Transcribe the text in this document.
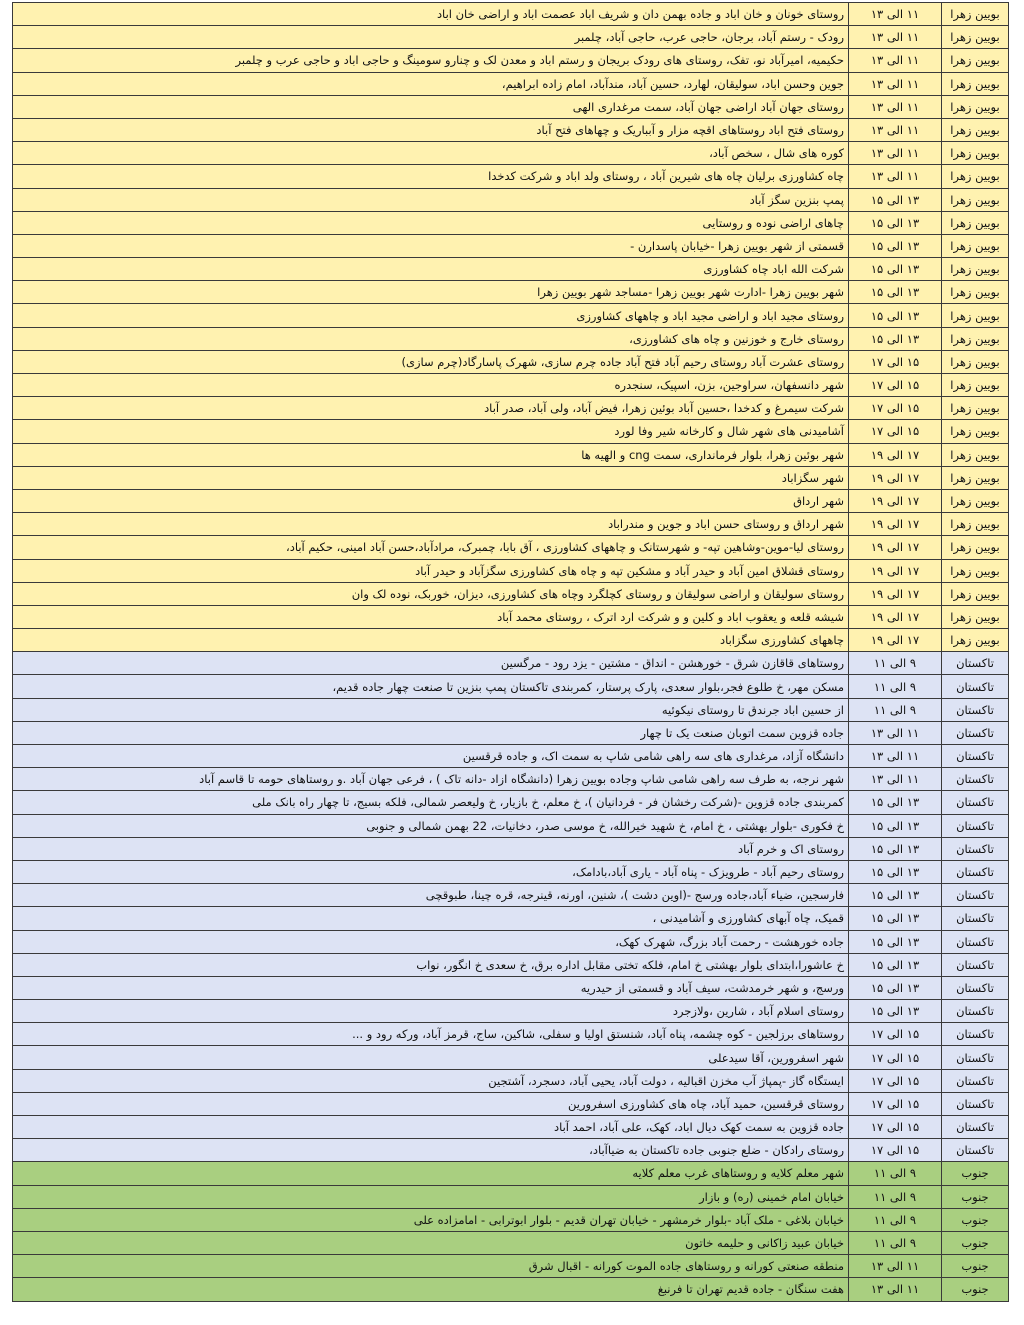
بویین زهرا	۱۱ الی ۱۳	روستای خونان و خان اباد و جاده بهمن دان و شریف اباد عصمت اباد و اراضی خان اباد
بویین زهرا	۱۱ الی ۱۳	رودک - رستم آباد، برجان، حاجی عرب، حاجی آباد، چلمبر
بویین زهرا	۱۱ الی ۱۳	حکیمیه، امیرآباد نو، تفک، روستای های رودک بریجان و رستم اباد و معدن لک و چنارو سومینگ و حاجی اباد و حاجی عرب و چلمبر
بویین زهرا	۱۱ الی ۱۳	جوین وحسن اباد، سولیقان، لهارد، حسین آباد، مندآباد، امام زاده ابراهیم،
بویین زهرا	۱۱ الی ۱۳	روستای جهان آباد اراضی جهان آباد، سمت مرغداری الهی
بویین زهرا	۱۱ الی ۱۳	روستای فتح اباد روستاهای اقچه مزار و آبباریک و چهاهای فتح آباد
بویین زهرا	۱۱ الی ۱۳	کوره های شال ، سخص آباد،
بویین زهرا	۱۱ الی ۱۳	چاه کشاورزی برلیان چاه های شیرین آباد ، روستای ولد اباد و شرکت کدخدا
بویین زهرا	۱۳ الی ۱۵	پمپ بنزین سگز آباد
بویین زهرا	۱۳ الی ۱۵	چاهای اراضی نوده و روستایی
بویین زهرا	۱۳ الی ۱۵	قسمتی از شهر بویین زهرا -خیابان پاسدارن -
بویین زهرا	۱۳ الی ۱۵	شرکت الله اباد چاه کشاورزی
بویین زهرا	۱۳ الی ۱۵	شهر بویین زهرا -ادارت شهر بویین زهرا -مساجد شهر بویین زهرا
بویین زهرا	۱۳ الی ۱۵	روستای مجید اباد و اراضی مجید اباد و چاههای کشاورزی
بویین زهرا	۱۳ الی ۱۵	روستای خارج و خوزنین و چاه های کشاورزی،
بویین زهرا	۱۵ الی ۱۷	روستای عشرت آباد روستای رحیم آباد فتح آباد جاده چرم سازی، شهرک پاسارگاد(چرم سازی)
بویین زهرا	۱۵ الی ۱۷	شهر دانسفهان، سراوجین، بزن، اسپیک، سنجدره
بویین زهرا	۱۵ الی ۱۷	شرکت سیمرغ و کدخدا ،حسین آباد بوئین زهرا، فیض آباد، ولی آباد، صدر آباد
بویین زهرا	۱۵ الی ۱۷	آشامیدنی های شهر شال و کارخانه شیر وفا لورد
بویین زهرا	۱۷ الی ۱۹	شهر بوئین زهرا، بلوار فرمانداری، سمت cng و الهیه ها
بویین زهرا	۱۷ الی ۱۹	شهر سگزاباد
بویین زهرا	۱۷ الی ۱۹	شهر ارداق
بویین زهرا	۱۷ الی ۱۹	شهر ارداق و روستای حسن اباد و جوین و مندراباد
بویین زهرا	۱۷ الی ۱۹	روستای لیا-موین-وشاهین تپه- و شهرستانک و چاههای کشاورزی ، آق بابا، چمبرک، مرادآباد،حسن آباد امینی، حکیم آباد،
بویین زهرا	۱۷ الی ۱۹	روستای قشلاق امین آباد و حیدر آباد و مشکین تپه و چاه های کشاورزی سگزآباد و حیدر آباد
بویین زهرا	۱۷ الی ۱۹	روستای سولیقان و اراضی سولیقان و روستای کچلگرد وچاه های کشاورزی، دیزان، خوربک، نوده لک وان
بویین زهرا	۱۷ الی ۱۹	شیشه قلعه و یعقوب اباد و کلین و و شرکت ارد اترک ، روستای محمد آباد
بویین زهرا	۱۷ الی ۱۹	چاههای کشاورزی سگزاباد
تاکستان	۹ الی ۱۱	روستاهای قاقازن شرق - خورهشن - انداق - مشتین - یزد رود - مرگسین
تاکستان	۹ الی ۱۱	مسکن مهر، خ طلوع فجر،بلوار سعدی، پارک پرستار، کمربندی تاکستان پمپ بنزین تا صنعت چهار جاده قدیم،
تاکستان	۹ الی ۱۱	از حسین اباد جرندق تا روستای نیکوئیه
تاکستان	۱۱ الی ۱۳	جاده قزوین سمت اتوبان صنعت یک تا چهار
تاکستان	۱۱ الی ۱۳	دانشگاه آزاد، مرغداری های سه راهی شامی شاپ به سمت اک، و جاده قرقسین
تاکستان	۱۱ الی ۱۳	شهر نرجه، به طرف سه راهی شامی شاپ وجاده بویین زهرا (دانشگاه ازاد -دانه تاک ) ، فرعی جهان آباد .و روستاهای حومه تا قاسم آباد
تاکستان	۱۳ الی ۱۵	کمربندی جاده قزوین -(شرکت رخشان فر - فردانیان )، خ معلم، خ بازیار، خ ولیعصر شمالی، فلکه بسیج، تا چهار راه بانک ملی
تاکستان	۱۳ الی ۱۵	خ فکوری -بلوار بهشتی ، خ امام، خ شهید خیرالله، خ موسی صدر، دخانیات، 22 بهمن شمالی و جنوبی
تاکستان	۱۳ الی ۱۵	روستای اک و خرم آباد
تاکستان	۱۳ الی ۱۵	روستای رحیم آباد - طرویزک - پناه آباد - یاری آباد،بادامک،
تاکستان	۱۳ الی ۱۵	فارسجین، ضیاء آباد،جاده ورسج -(اوین دشت )، شنین، اورنه، قینرجه، قره چینا، طبوقچی
تاکستان	۱۳ الی ۱۵	قمیک، چاه آبهای کشاورزی و آشامیدنی ،
تاکستان	۱۳ الی ۱۵	جاده خورهشت - رحمت آباد بزرگ، شهرک کهک،
تاکستان	۱۳ الی ۱۵	خ عاشورا،ابتدای بلوار بهشتی خ امام، فلکه تختی مقابل اداره برق، خ سعدی خ انگور، نواب
تاکستان	۱۳ الی ۱۵	ورسج، و شهر خرمدشت، سیف آباد و قسمتی از حیدریه
تاکستان	۱۳ الی ۱۵	روستای اسلام آباد ، شارین ،ولازجرد
تاکستان	۱۵ الی ۱۷	روستاهای برزلجین - کوه چشمه، پناه آباد، شنستق اولیا و سفلی، شاکین، ساج، قرمز آباد، ورکه رود و ...
تاکستان	۱۵ الی ۱۷	شهر اسفرورین، آقا سیدعلی
تاکستان	۱۵ الی ۱۷	ایستگاه گاز -پمپاژ آب مخزن اقبالیه ، دولت آباد، یحیی آباد، دسجرد، آشتجین
تاکستان	۱۵ الی ۱۷	روستای قرقسین، حمید آباد، چاه های کشاورزی اسفرورین
تاکستان	۱۵ الی ۱۷	جاده قزوین به سمت کهک دیال اباد، کهک، علی آباد، احمد آباد
تاکستان	۱۵ الی ۱۷	روستای رادکان - ضلع جنوبی جاده تاکستان به ضیاآباد،
جنوب	۹ الی ۱۱	شهر معلم کلایه و روستاهای غرب معلم کلایه
جنوب	۹ الی ۱۱	خیابان امام خمینی (ره) و بازار
جنوب	۹ الی ۱۱	خیابان بلاغی - ملک آباد -بلوار خرمشهر - خیابان تهران قدیم - بلوار ابوترابی - امامزاده علی
جنوب	۹ الی ۱۱	خیابان عبید زاکانی و حلیمه خاتون
جنوب	۱۱ الی ۱۳	منطقه صنعتی کورانه و روستاهای جاده الموت کورانه - اقبال شرق
جنوب	۱۱ الی ۱۳	هفت سنگان - جاده قدیم تهران تا فرنبغ
